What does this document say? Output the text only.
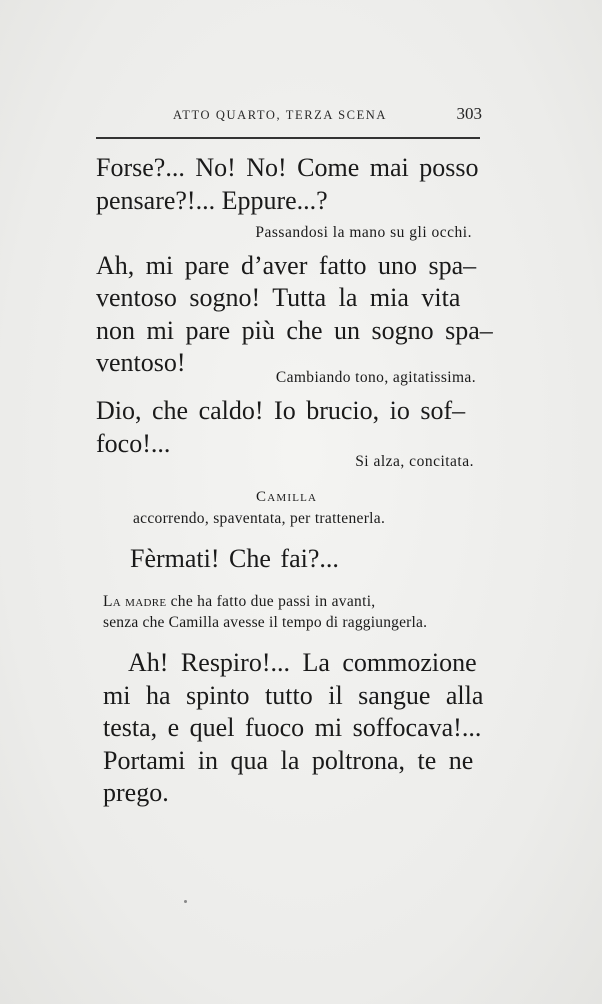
ATTO QUARTO, TERZA SCENA	303
Forse?... No! No! Come mai posso
pensare?!... Eppure...?
Passandosi la mano su gli occhi.
Ah, mi pare d’aver fatto uno spa–
ventoso sogno! Tutta la mia vita
non mi pare più che un sogno spa–
ventoso!
Cambiando tono, agitatissima.
Dio, che caldo! Io brucio, io sof–
foco!...
Si alza, concitata.
Camilla
accorrendo, spaventata, per trattenerla.
Fèrmati! Che fai?...
La madre che ha fatto due passi in avanti,
senza che Camilla avesse il tempo di raggiungerla.
Ah! Respiro!... La commozione
mi ha spinto tutto il sangue alla
testa, e quel fuoco mi soffocava!...
Portami in qua la poltrona, te ne
prego.
